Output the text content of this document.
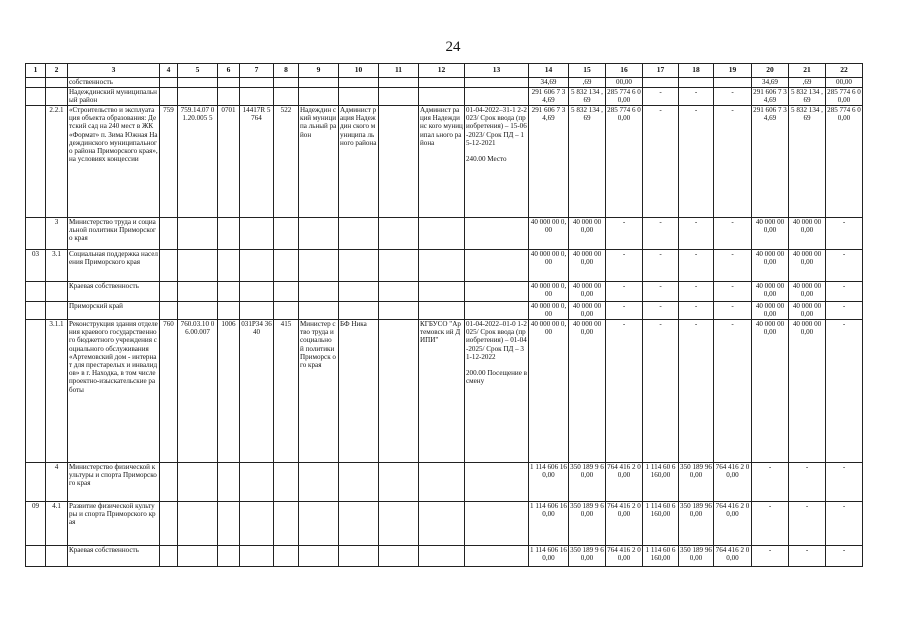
24
1	2	3	4	5	6	7	8	9	10	11	12	13	14	15	16	17	18	19	20	21	22
		собственность											34,69	,69	00,00				34,69	,69	00,00
		Надеждинский муниципальный район											291 606 7 34,69	5 832 134 ,69	285 774 6 00,00	-	-	-	291 606 7 34,69	5 832 134 ,69	285 774 6 00,00
	2.2.1	«Строительство и эксплуатация объекта образования: Детский сад на 240 мест в ЖК «Формат» п. Зима Южная Надеждинского муниципального района Приморского края», на условиях концессии	759	759.14.07 01.20.005 5	0701	14417R 5764	522	Надеждин ский муниципа льный район	Админист рация Надеждин ского муниципа льного района		Админист рация Надеждинс кого муниципал ьного района	01-04-2022–31-1 2-2023/ Срок ввода (приобретения) – 15-06-2023/ Срок ПД – 15-12-2021

240.00 Место	291 606 7 34,69	5 832 134 ,69	285 774 6 00,00	-	-	-	291 606 7 34,69	5 832 134 ,69	285 774 6 00,00
	3	Министерство труда и социальной политики Приморского края											40 000 00 0,00	40 000 00 0,00	-	-	-	-	40 000 00 0,00	40 000 00 0,00	-
03	3.1	Социальная поддержка населения Приморского края											40 000 00 0,00	40 000 00 0,00	-	-	-	-	40 000 00 0,00	40 000 00 0,00	-
		Краевая собственность											40 000 00 0,00	40 000 00 0,00	-	-	-	-	40 000 00 0,00	40 000 00 0,00	-
		Приморский край											40 000 00 0,00	40 000 00 0,00	-	-	-	-	40 000 00 0,00	40 000 00 0,00	-
	3.1.1	Реконструкция здания отделения краевого государственного бюджетного учреждения социального обслуживания «Артемовский дом - интернат для престарелых и инвалидов» в г. Находка, в том числе проектно-изыскательские работы	760	760.03.10 06.00.007	1006	031P34 3640	415	Министер ство труда и социально й политики Приморск ого края	БФ Ника		КГБУСО "Артемовск ий ДИПИ"	01-04-2022–01-0 1-2025/ Срок ввода (приобретения) – 01-04-2025/ Срок ПД – 31-12-2022

200.00 Посещение в смену	40 000 00 0,00	40 000 00 0,00	-	-	-	-	40 000 00 0,00	40 000 00 0,00	-
	4	Министерство физической культуры и спорта Приморского края											1 114 606 160,00	350 189 9 60,00	764 416 2 00,00	1 114 60 6 160,00	350 189 960,00	764 416 2 00,00	-	-	-
09	4.1	Развитие физической культуры и спорта Приморского края											1 114 606 160,00	350 189 9 60,00	764 416 2 00,00	1 114 60 6 160,00	350 189 960,00	764 416 2 00,00	-	-	-
		Краевая собственность											1 114 606 160,00	350 189 9 60,00	764 416 2 00,00	1 114 60 6 160,00	350 189 960,00	764 416 2 00,00	-	-	-
